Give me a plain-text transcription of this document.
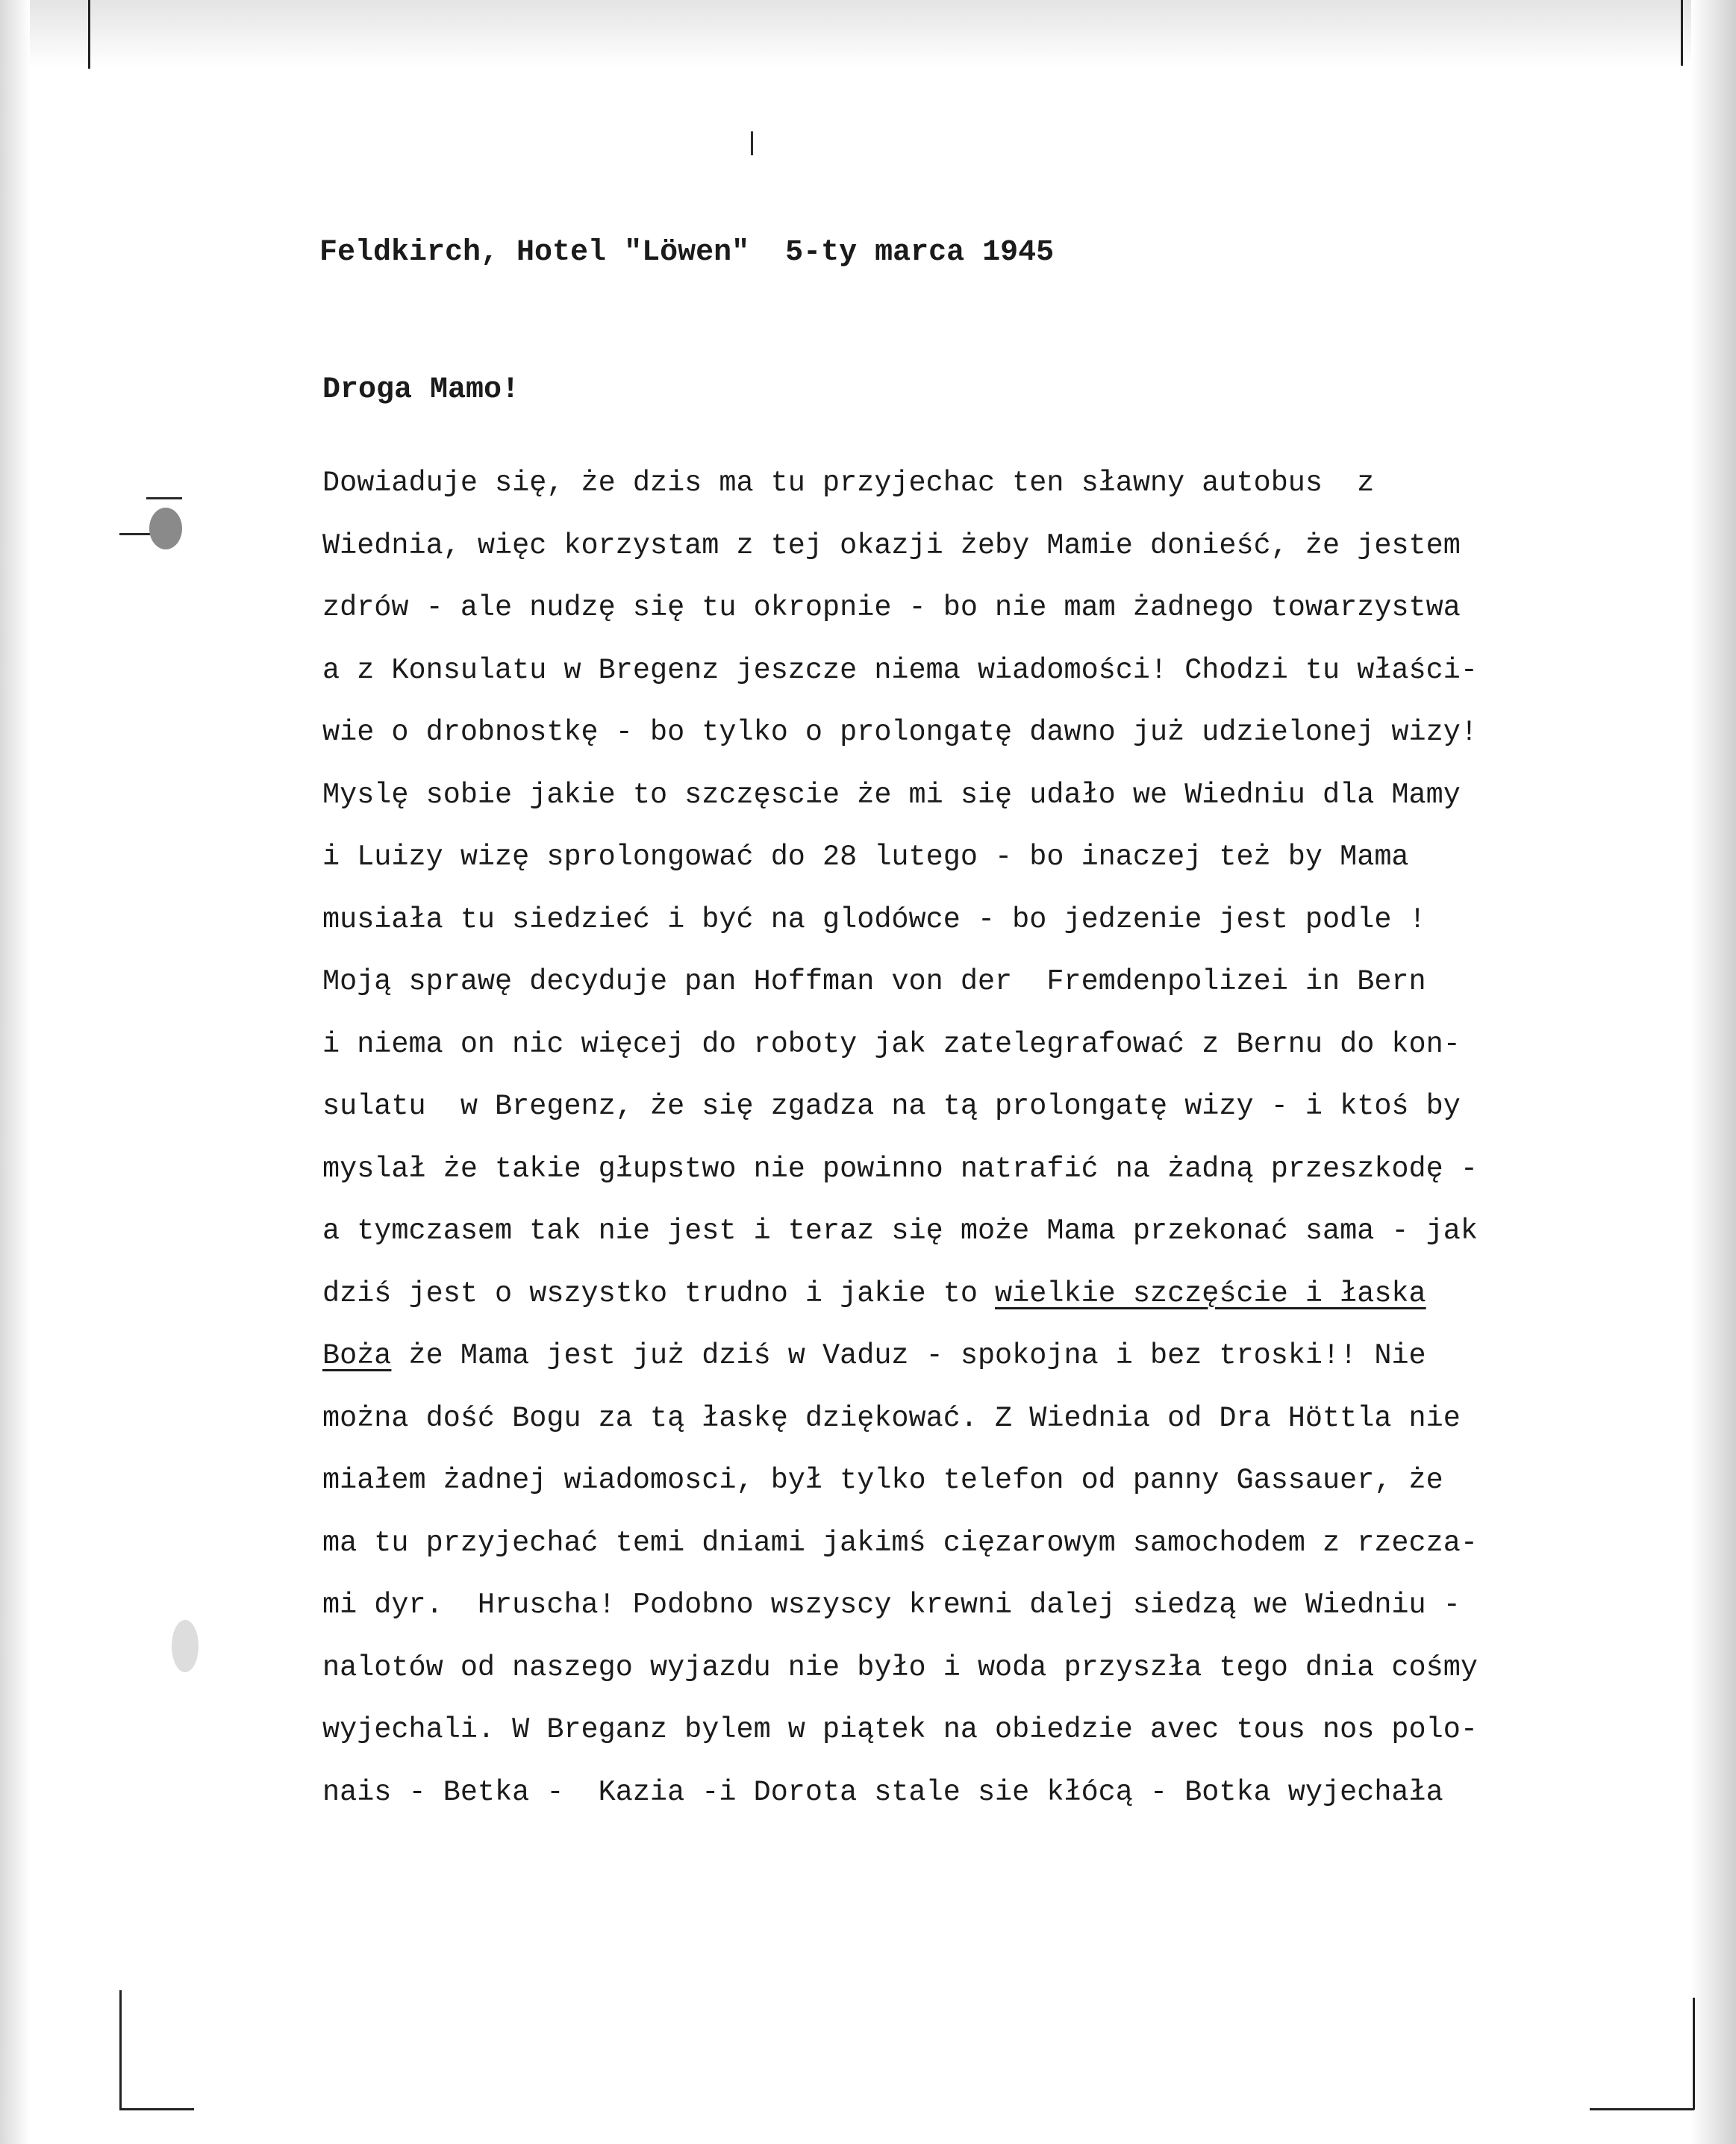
Feldkirch, Hotel "Löwen"  5-ty marca 1945
Droga Mamo!
Dowiaduje się, że dzis ma tu przyjechac ten sławny autobus  z
Wiednia, więc korzystam z tej okazji żeby Mamie donieść, że jestem
zdrów - ale nudzę się tu okropnie - bo nie mam żadnego towarzystwa
a z Konsulatu w Bregenz jeszcze niema wiadomości! Chodzi tu właści-
wie o drobnostkę - bo tylko o prolongatę dawno już udzielonej wizy!
Myslę sobie jakie to szczęscie że mi się udało we Wiedniu dla Mamy
i Luizy wizę sprolongować do 28 lutego - bo inaczej też by Mama
musiała tu siedzieć i być na glodówce - bo jedzenie jest podle !
Moją sprawę decyduje pan Hoffman von der  Fremdenpolizei in Bern
i niema on nic więcej do roboty jak zatelegrafować z Bernu do kon-
sulatu  w Bregenz, że się zgadza na tą prolongatę wizy - i ktoś by
myslał że takie głupstwo nie powinno natrafić na żadną przeszkodę -
a tymczasem tak nie jest i teraz się może Mama przekonać sama - jak
dziś jest o wszystko trudno i jakie to wielkie szczęście i łaska
Boża że Mama jest już dziś w Vaduz - spokojna i bez troski!! Nie
można dość Bogu za tą łaskę dziękować. Z Wiednia od Dra Höttla nie
miałem żadnej wiadomosci, był tylko telefon od panny Gassauer, że
ma tu przyjechać temi dniami jakimś cięzarowym samochodem z rzecza-
mi dyr.  Hruscha! Podobno wszyscy krewni dalej siedzą we Wiedniu -
nalotów od naszego wyjazdu nie było i woda przyszła tego dnia cośmy
wyjechali. W Breganz bylem w piątek na obiedzie avec tous nos polo-
nais - Betka -  Kazia -i Dorota stale sie kłócą - Botka wyjechała
